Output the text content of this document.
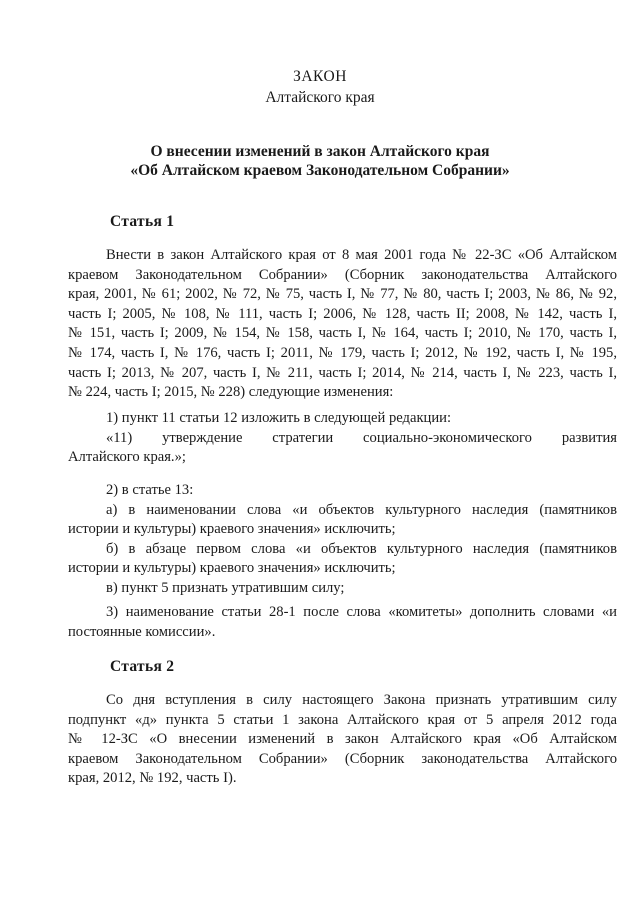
ЗАКОН
Алтайского края
О внесении изменений в закон Алтайского края
«Об Алтайском краевом Законодательном Собрании»
Статья 1
Внести в закон Алтайского края от 8 мая 2001 года № 22-ЗС «Об Алтайском
краевом Законодательном Собрании» (Сборник законодательства Алтайского
края, 2001, № 61; 2002, № 72, № 75, часть I, № 77, № 80, часть I; 2003, № 86, № 92,
часть I; 2005, № 108, № 111, часть I; 2006, № 128, часть II; 2008, № 142, часть I,
№ 151, часть I; 2009, № 154, № 158, часть I, № 164, часть I; 2010, № 170, часть I,
№ 174, часть I, № 176, часть I; 2011, № 179, часть I; 2012, № 192, часть I, № 195,
часть I; 2013, № 207, часть I, № 211, часть I; 2014, № 214, часть I, № 223, часть I,
№ 224, часть I; 2015, № 228) следующие изменения:
1) пункт 11 статьи 12 изложить в следующей редакции:
«11) утверждение стратегии социально-экономического развития
Алтайского края.»;
2) в статье 13:
а) в наименовании слова «и объектов культурного наследия (памятников
истории и культуры) краевого значения» исключить;
б) в абзаце первом слова «и объектов культурного наследия (памятников
истории и культуры) краевого значения» исключить;
в) пункт 5 признать утратившим силу;
3) наименование статьи 28-1 после слова «комитеты» дополнить словами «и
постоянные комиссии».
Статья 2
Со дня вступления в силу настоящего Закона признать утратившим силу
подпункт «д» пункта 5 статьи 1 закона Алтайского края от 5 апреля 2012 года
№ 12-ЗС «О внесении изменений в закон Алтайского края «Об Алтайском
краевом Законодательном Собрании» (Сборник законодательства Алтайского
края, 2012, № 192, часть I).
